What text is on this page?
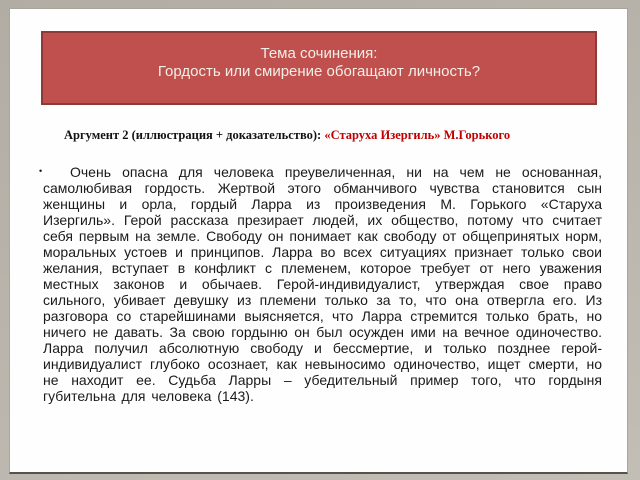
Тема сочинения:
Гордость или смирение обогащают личность?

Аргумент 2 (иллюстрация + доказательство): «Старуха Изергиль» М.Горького

•	Очень опасна для человека преувеличенная, ни на чем не основанная, самолюбивая гордость. Жертвой этого обманчивого чувства становится сын женщины и орла, гордый Ларра из произведения М. Горького «Старуха Изергиль». Герой рассказа презирает людей, их общество, потому что считает себя первым на земле. Свободу он понимает как свободу от общепринятых норм, моральных устоев и принципов. Ларра во всех ситуациях признает только свои желания, вступает в конфликт с племенем, которое требует от него уважения местных законов и обычаев. Герой-индивидуалист, утверждая свое право сильного, убивает девушку из племени только за то, что она отвергла его. Из разговора со старейшинами выясняется, что Ларра стремится только брать, но ничего не давать. За свою гордыню он был осужден ими на вечное одиночество. Ларра получил абсолютную свободу и бессмертие, и только позднее герой-индивидуалист глубоко осознает, как невыносимо одиночество, ищет смерти, но не находит ее. Судьба Ларры – убедительный пример того, что гордыня губительна для человека (143).
